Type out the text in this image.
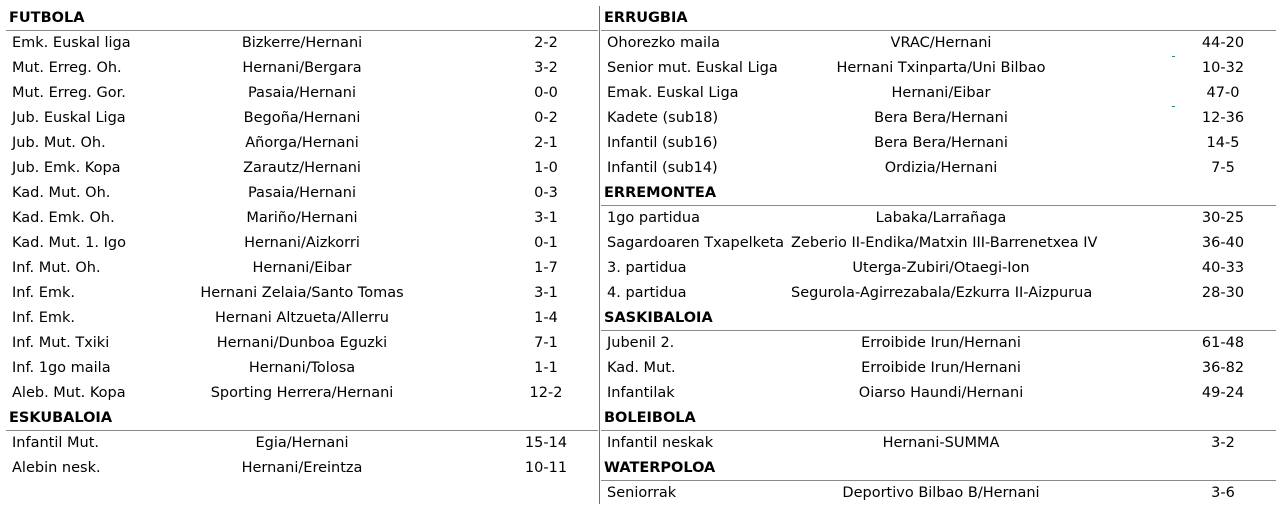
FUTBOLA
Emk. Euskal liga	Bizkerre/Hernani	2-2
Mut. Erreg. Oh.	Hernani/Bergara	3-2
Mut. Erreg. Gor.	Pasaia/Hernani	0-0
Jub. Euskal Liga	Begoña/Hernani	0-2
Jub. Mut. Oh.	Añorga/Hernani	2-1
Jub. Emk. Kopa	Zarautz/Hernani	1-0
Kad. Mut. Oh.	Pasaia/Hernani	0-3
Kad. Emk. Oh.	Mariño/Hernani	3-1
Kad. Mut. 1. Igo	Hernani/Aizkorri	0-1
Inf. Mut. Oh.	Hernani/Eibar	1-7
Inf. Emk.	Hernani Zelaia/Santo Tomas	3-1
Inf. Emk.	Hernani Altzueta/Allerru	1-4
Inf. Mut. Txiki	Hernani/Dunboa Eguzki	7-1
Inf. 1go maila	Hernani/Tolosa	1-1
Aleb. Mut. Kopa	Sporting Herrera/Hernani	12-2
ESKUBALOIA
Infantil Mut.	Egia/Hernani	15-14
Alebin nesk.	Hernani/Ereintza	10-11
ERRUGBIA
Ohorezko maila	VRAC/Hernani	44-20
Senior mut. Euskal Liga	Hernani Txinparta/Uni Bilbao	10-32
Emak. Euskal Liga	Hernani/Eibar	47-0
Kadete (sub18)	Bera Bera/Hernani	12-36
Infantil (sub16)	Bera Bera/Hernani	14-5
Infantil (sub14)	Ordizia/Hernani	7-5
ERREMONTEA
1go partidua	Labaka/Larrañaga	30-25
Sagardoaren Txapelketa Zeberio II-Endika/Matxin III-Barrenetxea IV	36-40
3. partidua	Uterga-Zubiri/Otaegi-Ion	40-33
4. partidua	Segurola-Agirrezabala/Ezkurra II-Aizpurua	28-30
SASKIBALOIA
Jubenil 2.	Erroibide Irun/Hernani	61-48
Kad. Mut.	Erroibide Irun/Hernani	36-82
Infantilak	Oiarso Haundi/Hernani	49-24
BOLEIBOLA
Infantil neskak	Hernani-SUMMA	3-2
WATERPOLOA
Seniorrak	Deportivo Bilbao B/Hernani	3-6
